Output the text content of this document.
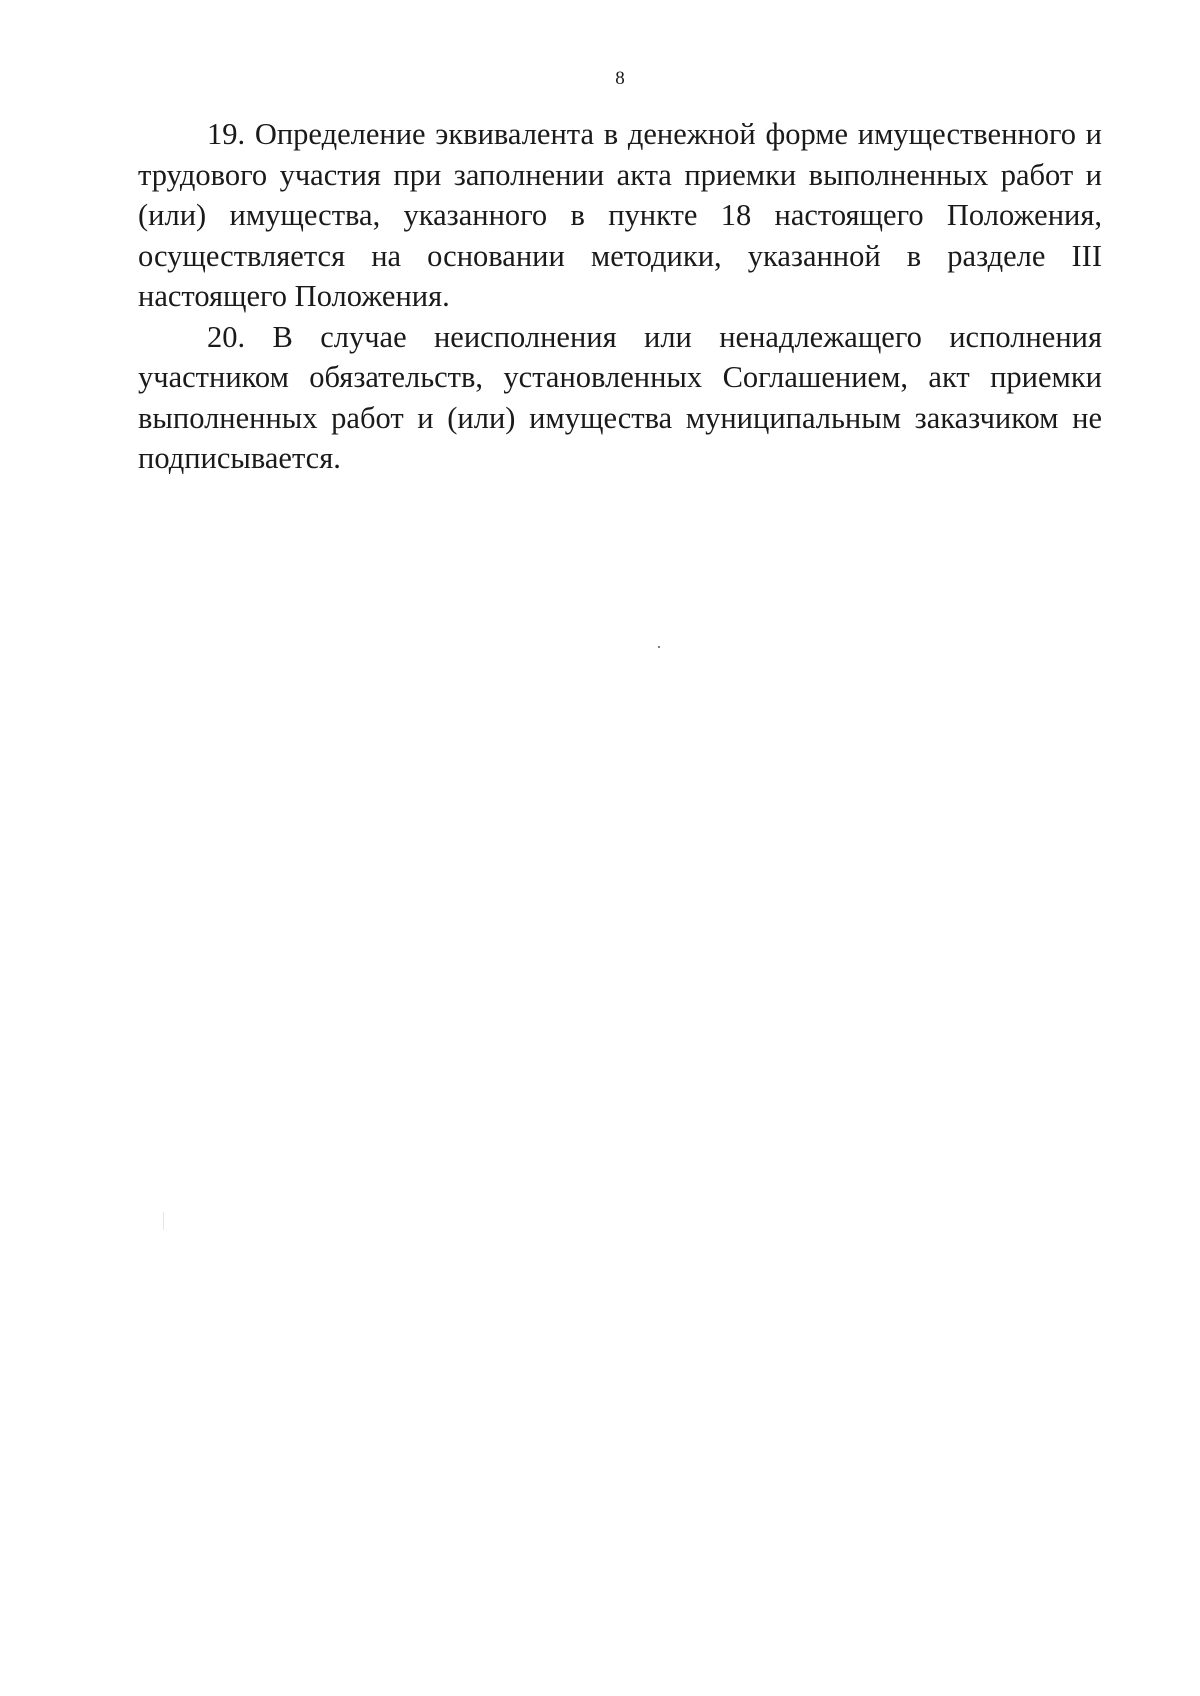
8

19. Определение эквивалента в денежной форме имущественного и трудового участия при заполнении акта приемки выполненных работ и (или) имущества, указанного в пункте 18 настоящего Положения, осуществляется на основании методики, указанной в разделе III настоящего Положения.

20. В случае неисполнения или ненадлежащего исполнения участником обязательств, установленных Соглашением, акт приемки выполненных работ и (или) имущества муниципальным заказчиком не подписывается.
